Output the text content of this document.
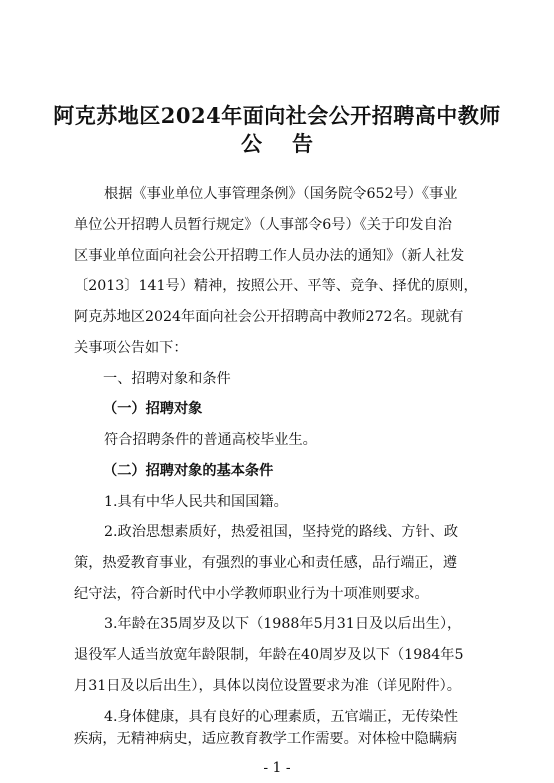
阿克苏地区2024年面向社会公开招聘高中教师
公告
根据《事业单位人事管理条例》（国务院令652号）《事业
单位公开招聘人员暂行规定》（人事部令6号）《关于印发自治
区事业单位面向社会公开招聘工作人员办法的通知》（新人社发
〔2013〕141号）精神，按照公开、平等、竞争、择优的原则，
阿克苏地区2024年面向社会公开招聘高中教师272名。现就有
关事项公告如下：
一、招聘对象和条件
（一）招聘对象
符合招聘条件的普通高校毕业生。
（二）招聘对象的基本条件
1.具有中华人民共和国国籍。
2.政治思想素质好，热爱祖国，坚持党的路线、方针、政
策，热爱教育事业，有强烈的事业心和责任感，品行端正，遵
纪守法，符合新时代中小学教师职业行为十项准则要求。
3.年龄在35周岁及以下（1988年5月31日及以后出生），
退役军人适当放宽年龄限制，年龄在40周岁及以下（1984年5
月31日及以后出生），具体以岗位设置要求为准（详见附件）。
4.身体健康，具有良好的心理素质，五官端正，无传染性
- 1 -
疾病，无精神病史，适应教育教学工作需要。对体检中隐瞒病
